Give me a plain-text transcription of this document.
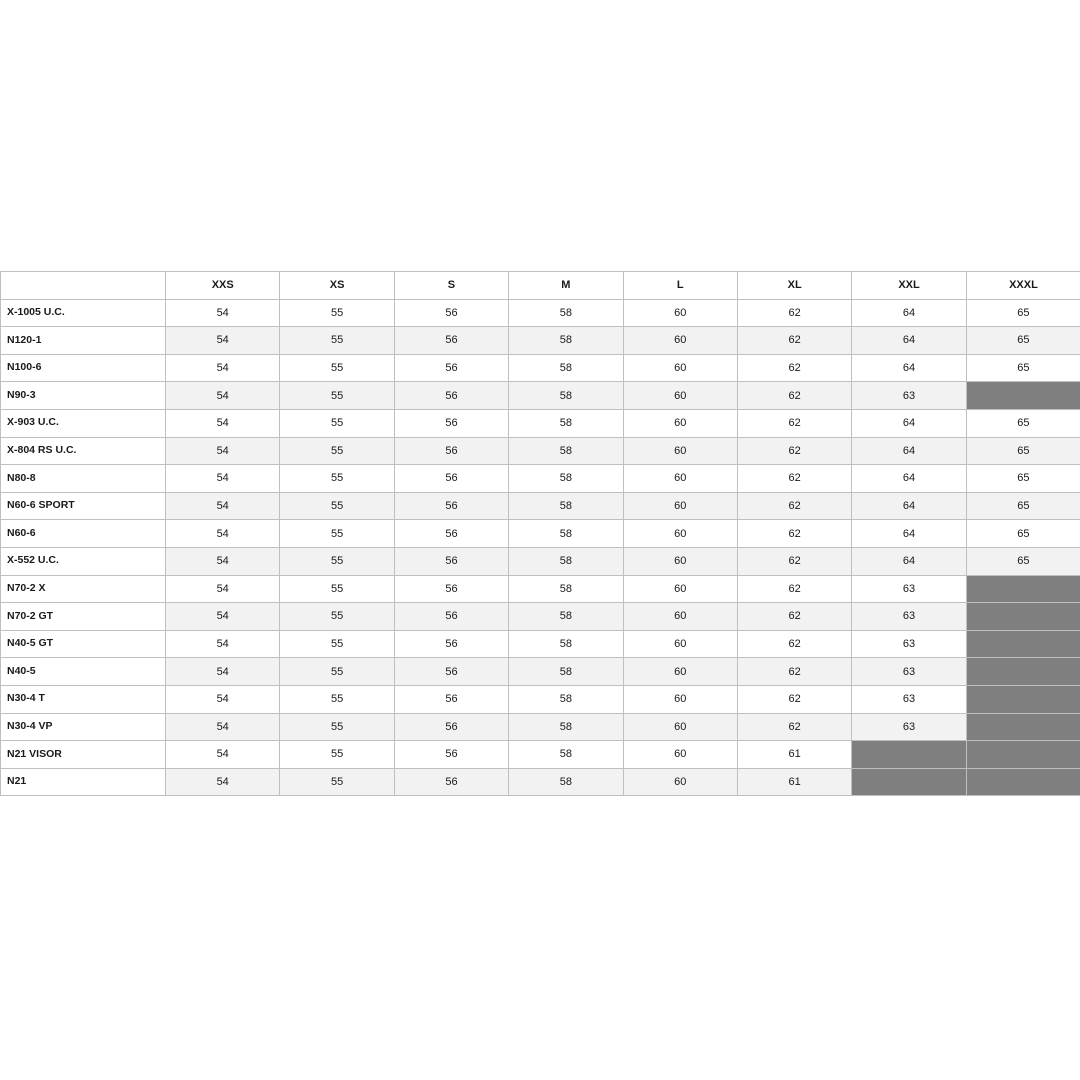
	XXS	XS	S	M	L	XL	XXL	XXXL
X-1005 U.C.	54	55	56	58	60	62	64	65
N120-1	54	55	56	58	60	62	64	65
N100-6	54	55	56	58	60	62	64	65
N90-3	54	55	56	58	60	62	63	
X-903 U.C.	54	55	56	58	60	62	64	65
X-804 RS U.C.	54	55	56	58	60	62	64	65
N80-8	54	55	56	58	60	62	64	65
N60-6 SPORT	54	55	56	58	60	62	64	65
N60-6	54	55	56	58	60	62	64	65
X-552 U.C.	54	55	56	58	60	62	64	65
N70-2 X	54	55	56	58	60	62	63	
N70-2 GT	54	55	56	58	60	62	63	
N40-5 GT	54	55	56	58	60	62	63	
N40-5	54	55	56	58	60	62	63	
N30-4 T	54	55	56	58	60	62	63	
N30-4 VP	54	55	56	58	60	62	63	
N21 VISOR	54	55	56	58	60	61		
N21	54	55	56	58	60	61		
